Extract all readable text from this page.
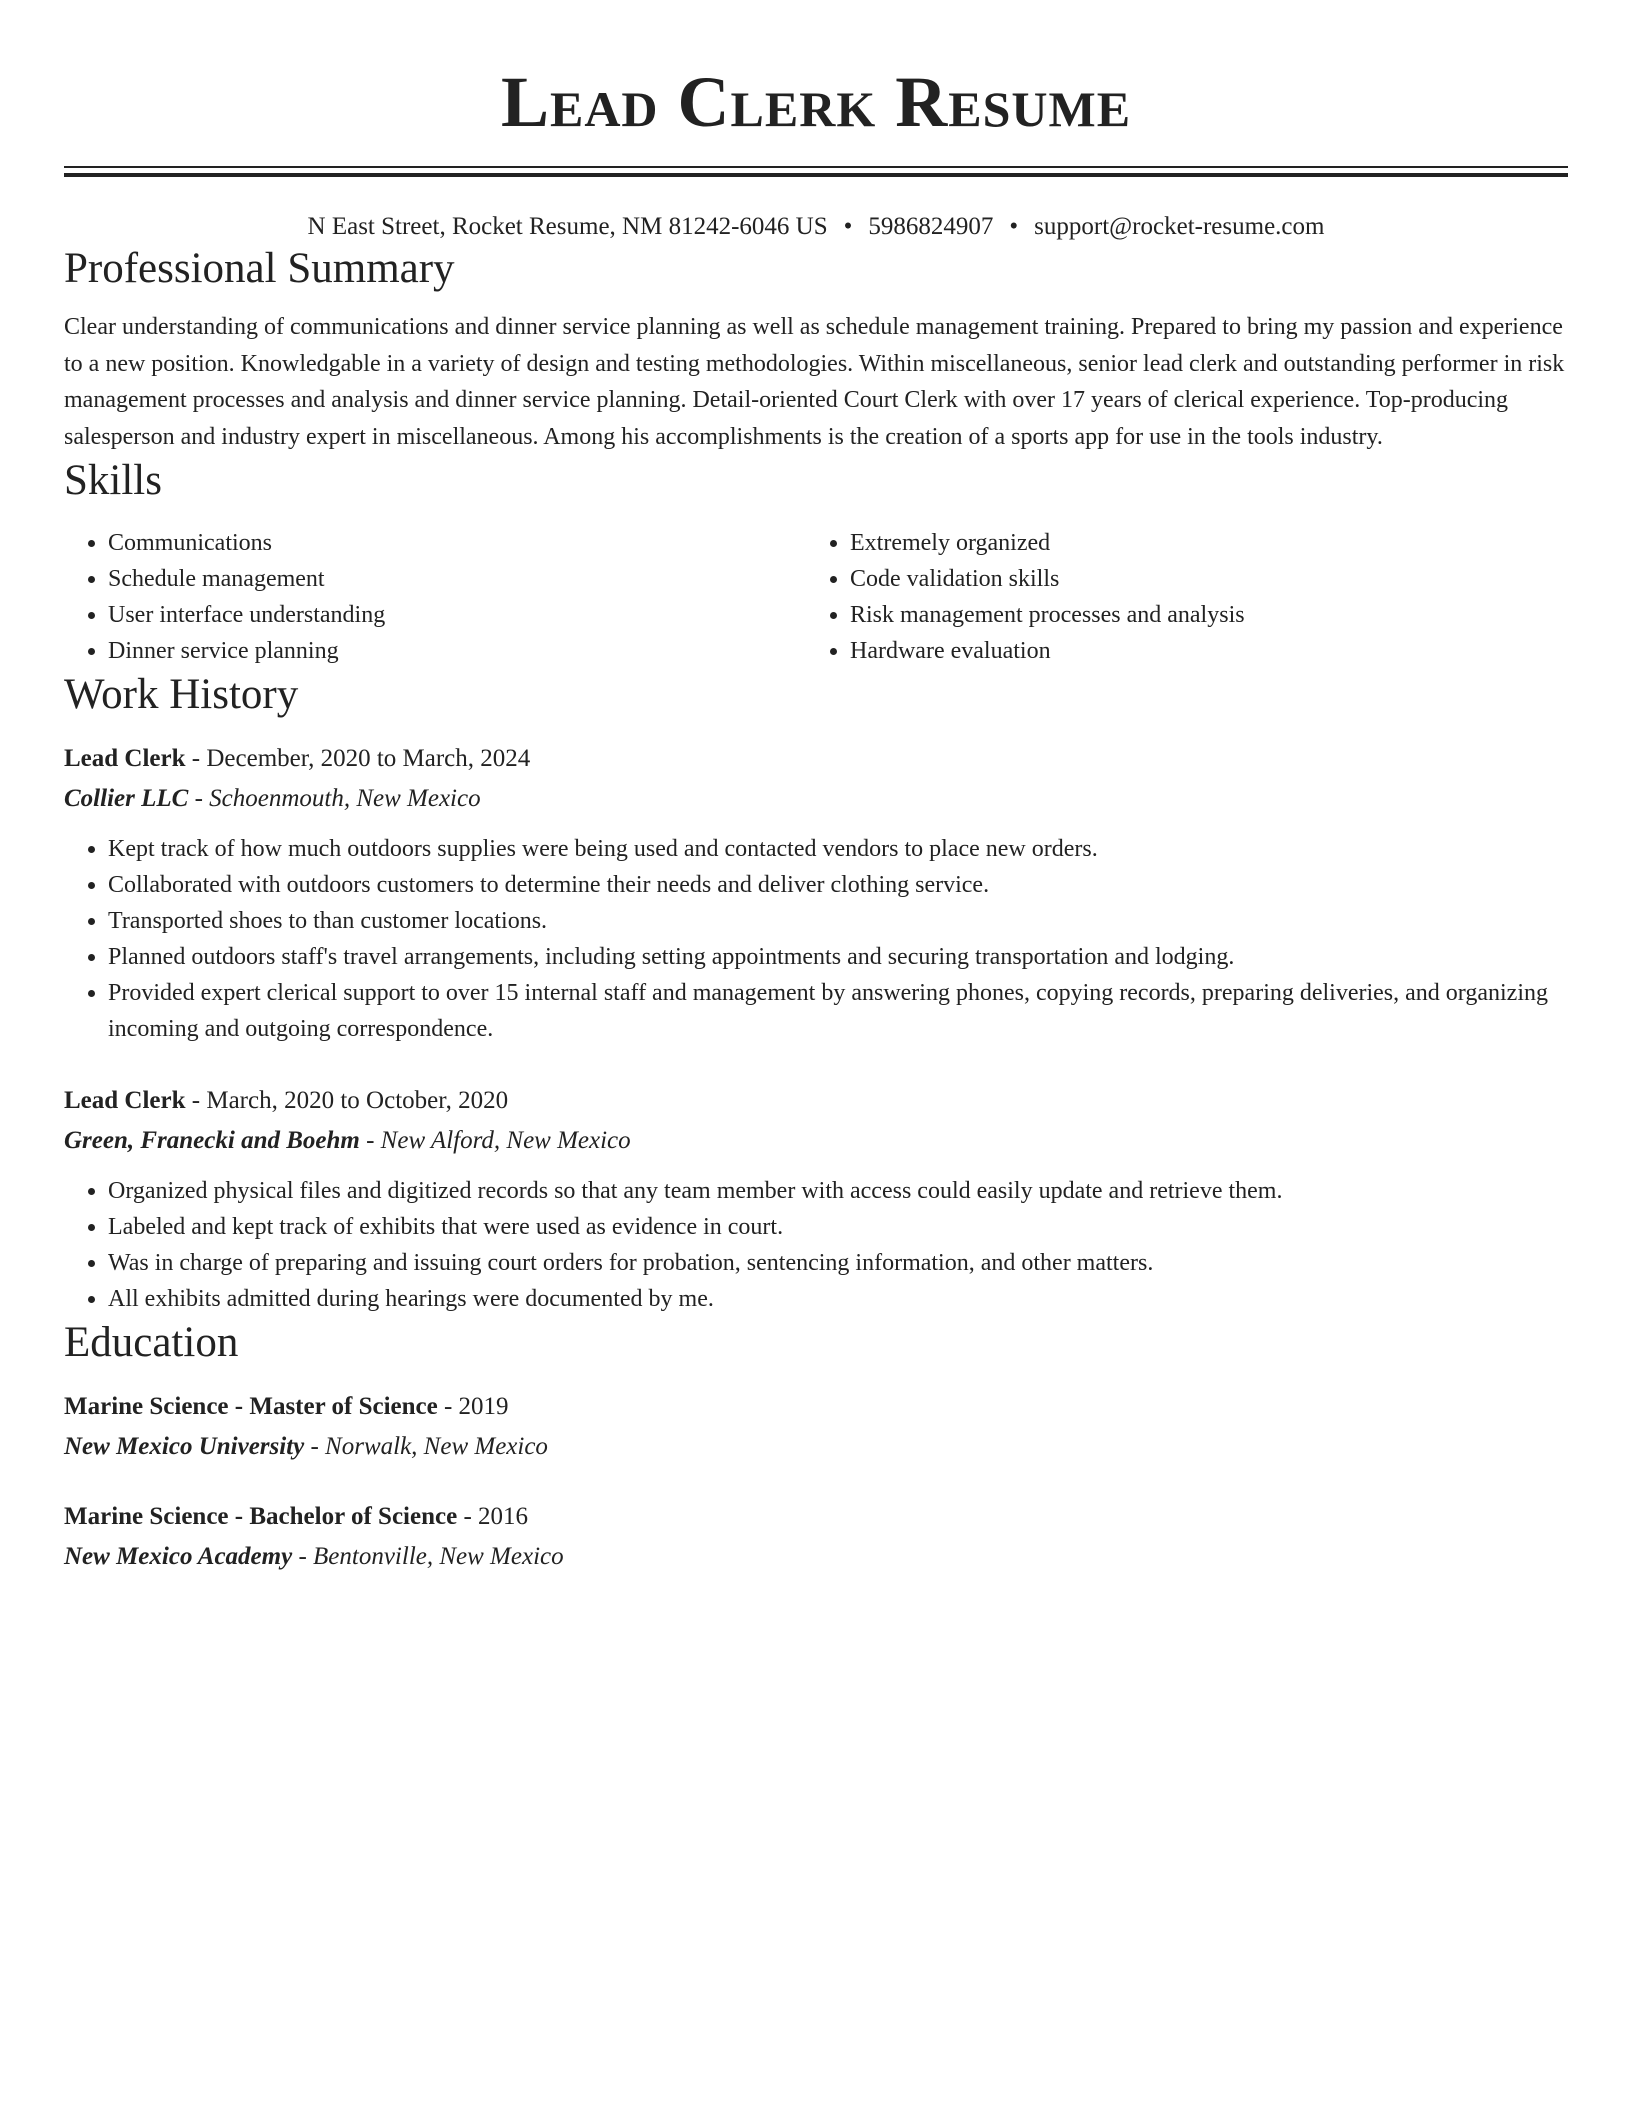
Lead Clerk Resume
N East Street, Rocket Resume, NM 81242-6046 US • 5986824907 • support@rocket-resume.com
Professional Summary

Clear understanding of communications and dinner service planning as well as schedule management training. Prepared to bring my passion and experience to a new position. Knowledgable in a variety of design and testing methodologies. Within miscellaneous, senior lead clerk and outstanding performer in risk management processes and analysis and dinner service planning. Detail-oriented Court Clerk with over 17 years of clerical experience. Top-producing salesperson and industry expert in miscellaneous. Among his accomplishments is the creation of a sports app for use in the tools industry.

Skills
• Communications
• Schedule management
• User interface understanding
• Dinner service planning
• Extremely organized
• Code validation skills
• Risk management processes and analysis
• Hardware evaluation
Work History
Lead Clerk - December, 2020 to March, 2024
Collier LLC - Schoenmouth, New Mexico
• Kept track of how much outdoors supplies were being used and contacted vendors to place new orders.
• Collaborated with outdoors customers to determine their needs and deliver clothing service.
• Transported shoes to than customer locations.
• Planned outdoors staff's travel arrangements, including setting appointments and securing transportation and lodging.
• Provided expert clerical support to over 15 internal staff and management by answering phones, copying records, preparing deliveries, and organizing incoming and outgoing correspondence.
Lead Clerk - March, 2020 to October, 2020
Green, Franecki and Boehm - New Alford, New Mexico
• Organized physical files and digitized records so that any team member with access could easily update and retrieve them.
• Labeled and kept track of exhibits that were used as evidence in court.
• Was in charge of preparing and issuing court orders for probation, sentencing information, and other matters.
• All exhibits admitted during hearings were documented by me.
Education
Marine Science - Master of Science - 2019
New Mexico University - Norwalk, New Mexico
Marine Science - Bachelor of Science - 2016
New Mexico Academy - Bentonville, New Mexico
